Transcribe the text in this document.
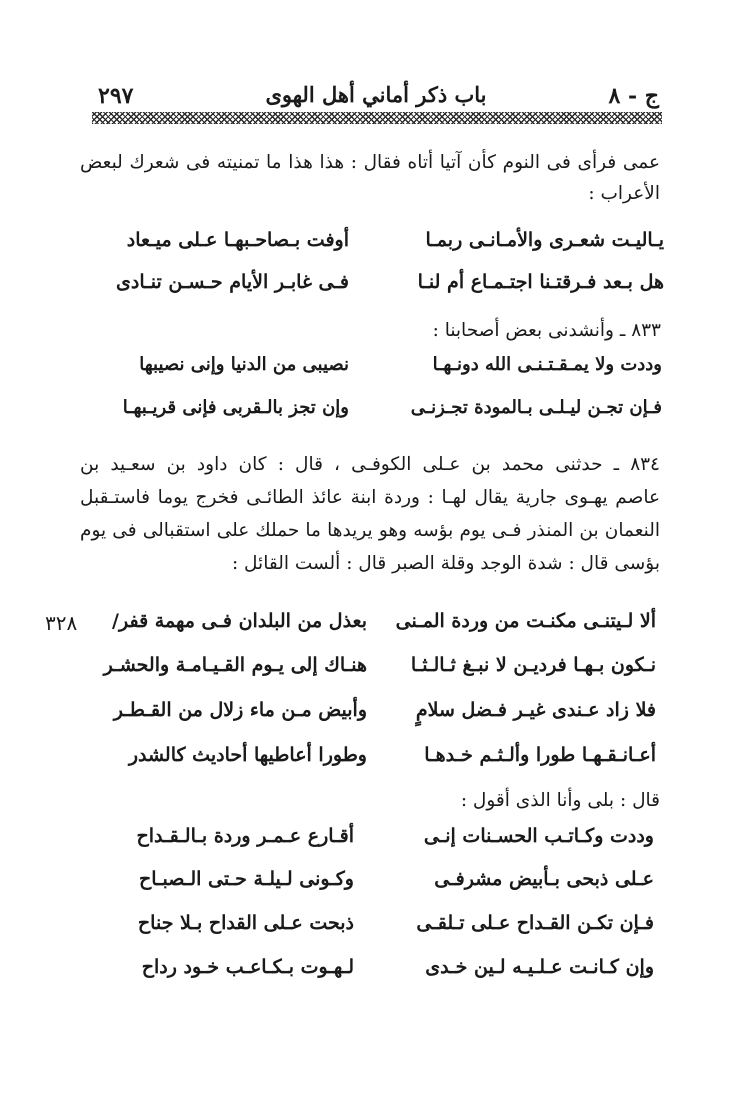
ج - ٨
باب ذكر أماني أهل الهوى
٢٩٧
عمى فرأى فى النوم كأن آتيا أتاه فقال : هذا هذا ما تمنيته فى شعرك لبعض
الأعراب :
يـاليـت شعـرى والأمـانـى ربمـا
أوفت بـصاحـبهـا عـلى ميـعاد
هل بـعد فـرقتـنا اجتـمـاع أم لنـا
فـى غابـر الأيام حـسـن تنـادى
٨٣٣ ـ وأنشدنى بعض أصحابنا :
وددت ولا يمـقـتـنـى الله دونـهـا
نصيبى من الدنيا وإنى نصيبها
فـإن تجـن ليـلـى بـالمودة تجـزنـى
وإن تجز بالـقربى فإنى قريـبهـا
٨٣٤ ـ حدثنى محمد بن عـلى الكوفـى ، قال : كان داود بن سعـيد بن
عاصم يهـوى جارية يقال لهـا : وردة ابنة عائذ الطائـى فخرج يوما فاستـقبل
النعمان بن المنذر فـى يوم بؤسه وهو يريدها ما حملك على استقبالى فى يوم
بؤسى قال : شدة الوجد وقلة الصبر قال : ألست القائل :
٣٢٨	ألا لـيتنـى مكنـت من وردة المـنى
بعذل من البلدان فـى مهمة قفر/
نـكون بـهـا فرديـن لا نبـغ ثـالـثـا
هنـاك إلى يـوم القـيـامـة والحشـر
فلا زاد عـندى غيـر فـضل سلامٍ
وأبيض مـن ماء زلال من القـطـر
أعـانـقـهـا طورا وألـثـم خـدهـا
وطورا أعاطيها أحاديث كالشدر
قال : بلى وأنا الذى أقول :
وددت وكـاتـب الحسـنات إنـى
أقـارع عـمـر وردة بـالـقـداح
عـلى ذبحى بـأبيض مشرفـى
وكـونى لـيلـة حـتى الـصبـاح
فـإن تكـن القـداح عـلى تـلقـى
ذبحت عـلى القداح بـلا جناح
وإن كـانـت عـلـيـه لـين خـدى
لـهـوت بـكـاعـب خـود رداح
